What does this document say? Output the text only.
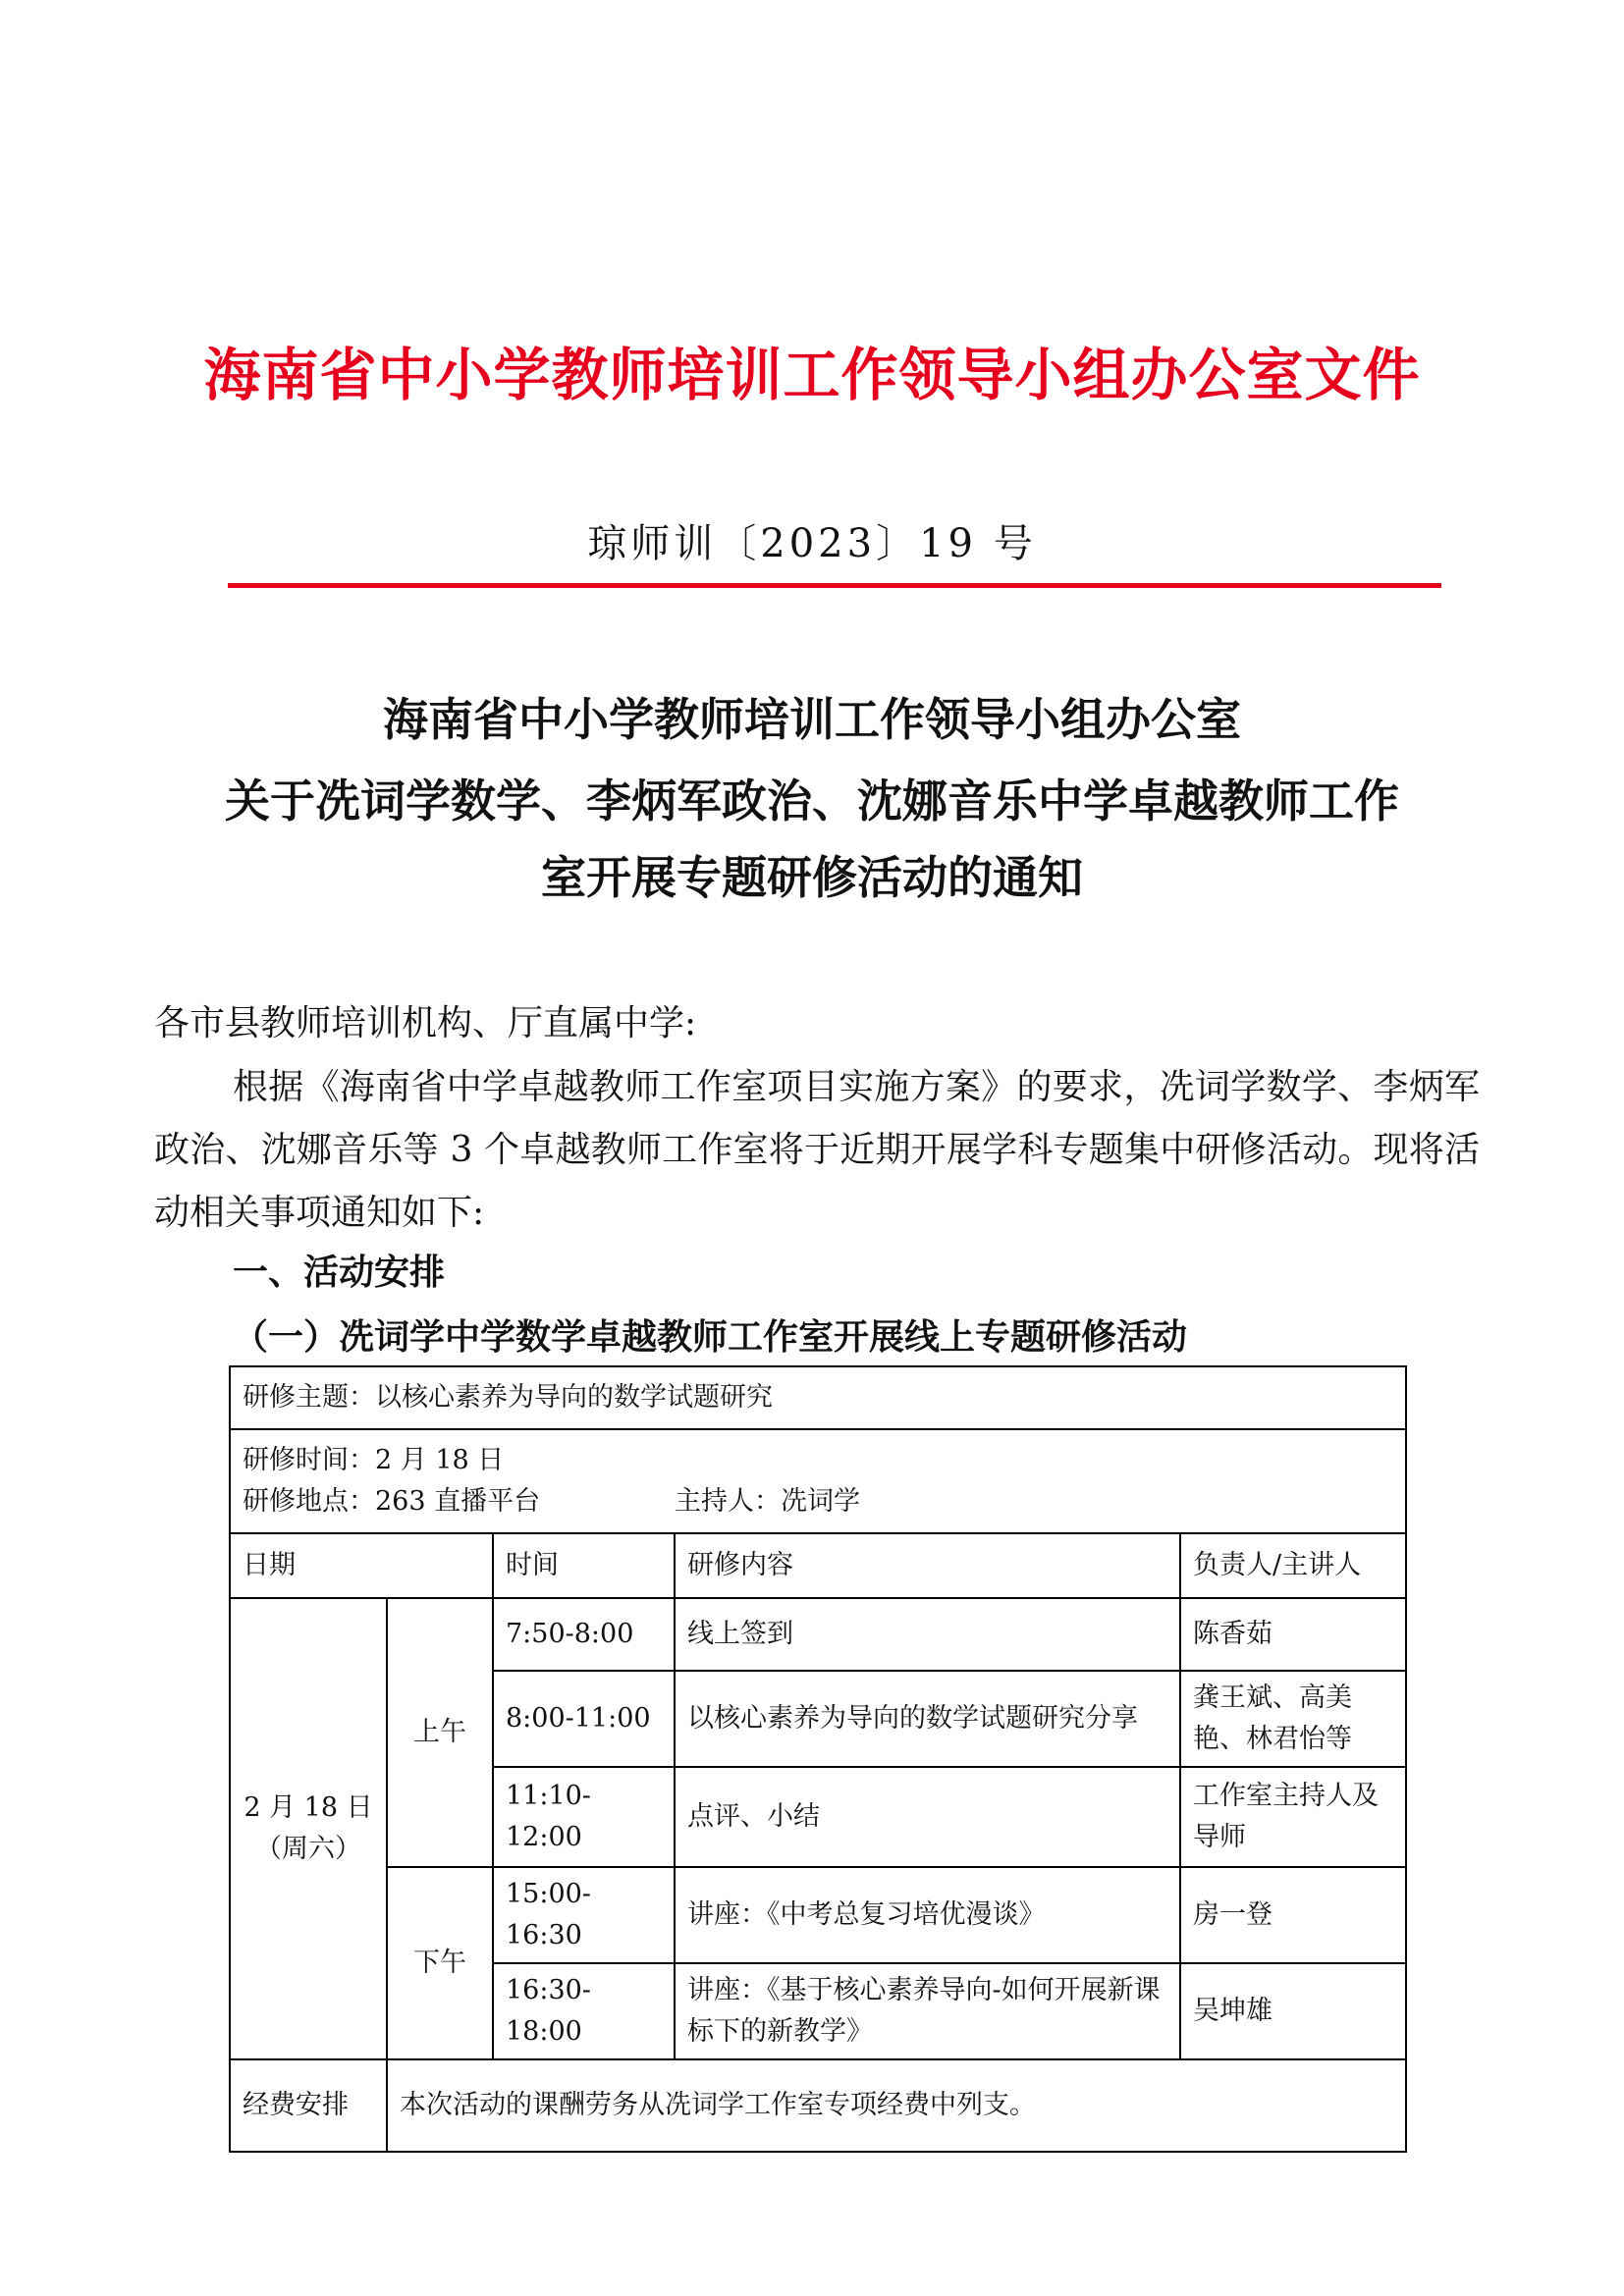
海南省中小学教师培训工作领导小组办公室文件
琼师训〔2023〕19 号
海南省中小学教师培训工作领导小组办公室
关于冼词学数学、李炳军政治、沈娜音乐中学卓越教师工作
室开展专题研修活动的通知
各市县教师培训机构、厅直属中学:
根据《海南省中学卓越教师工作室项目实施方案》的要求，冼词学数学、李炳军政治、沈娜音乐等 3 个卓越教师工作室将于近期开展学科专题集中研修活动。现将活动相关事项通知如下:
一、活动安排
（一）冼词学中学数学卓越教师工作室开展线上专题研修活动
研修主题：以核心素养为导向的数学试题研究				

研修时间：2 月 18 日
研修地点：263 直播平台 主持人：冼词学				

日期		时间	研修内容	负责人/主讲人

2 月 18 日
（周六）	上午	7:50-8:00	线上签到	陈香茹
		8:00-11:00	以核心素养为导向的数学试题研究分享	龚王斌、高美艳、林君怡等
		11:10-12:00	点评、小结	工作室主持人及导师
	下午	15:00-16:30	讲座：《中考总复习培优漫谈》	房一登
		16:30-18:00	讲座：《基于核心素养导向-如何开展新课标下的新教学》	吴坤雄
经费安排	本次活动的课酬劳务从冼词学工作室专项经费中列支。			
